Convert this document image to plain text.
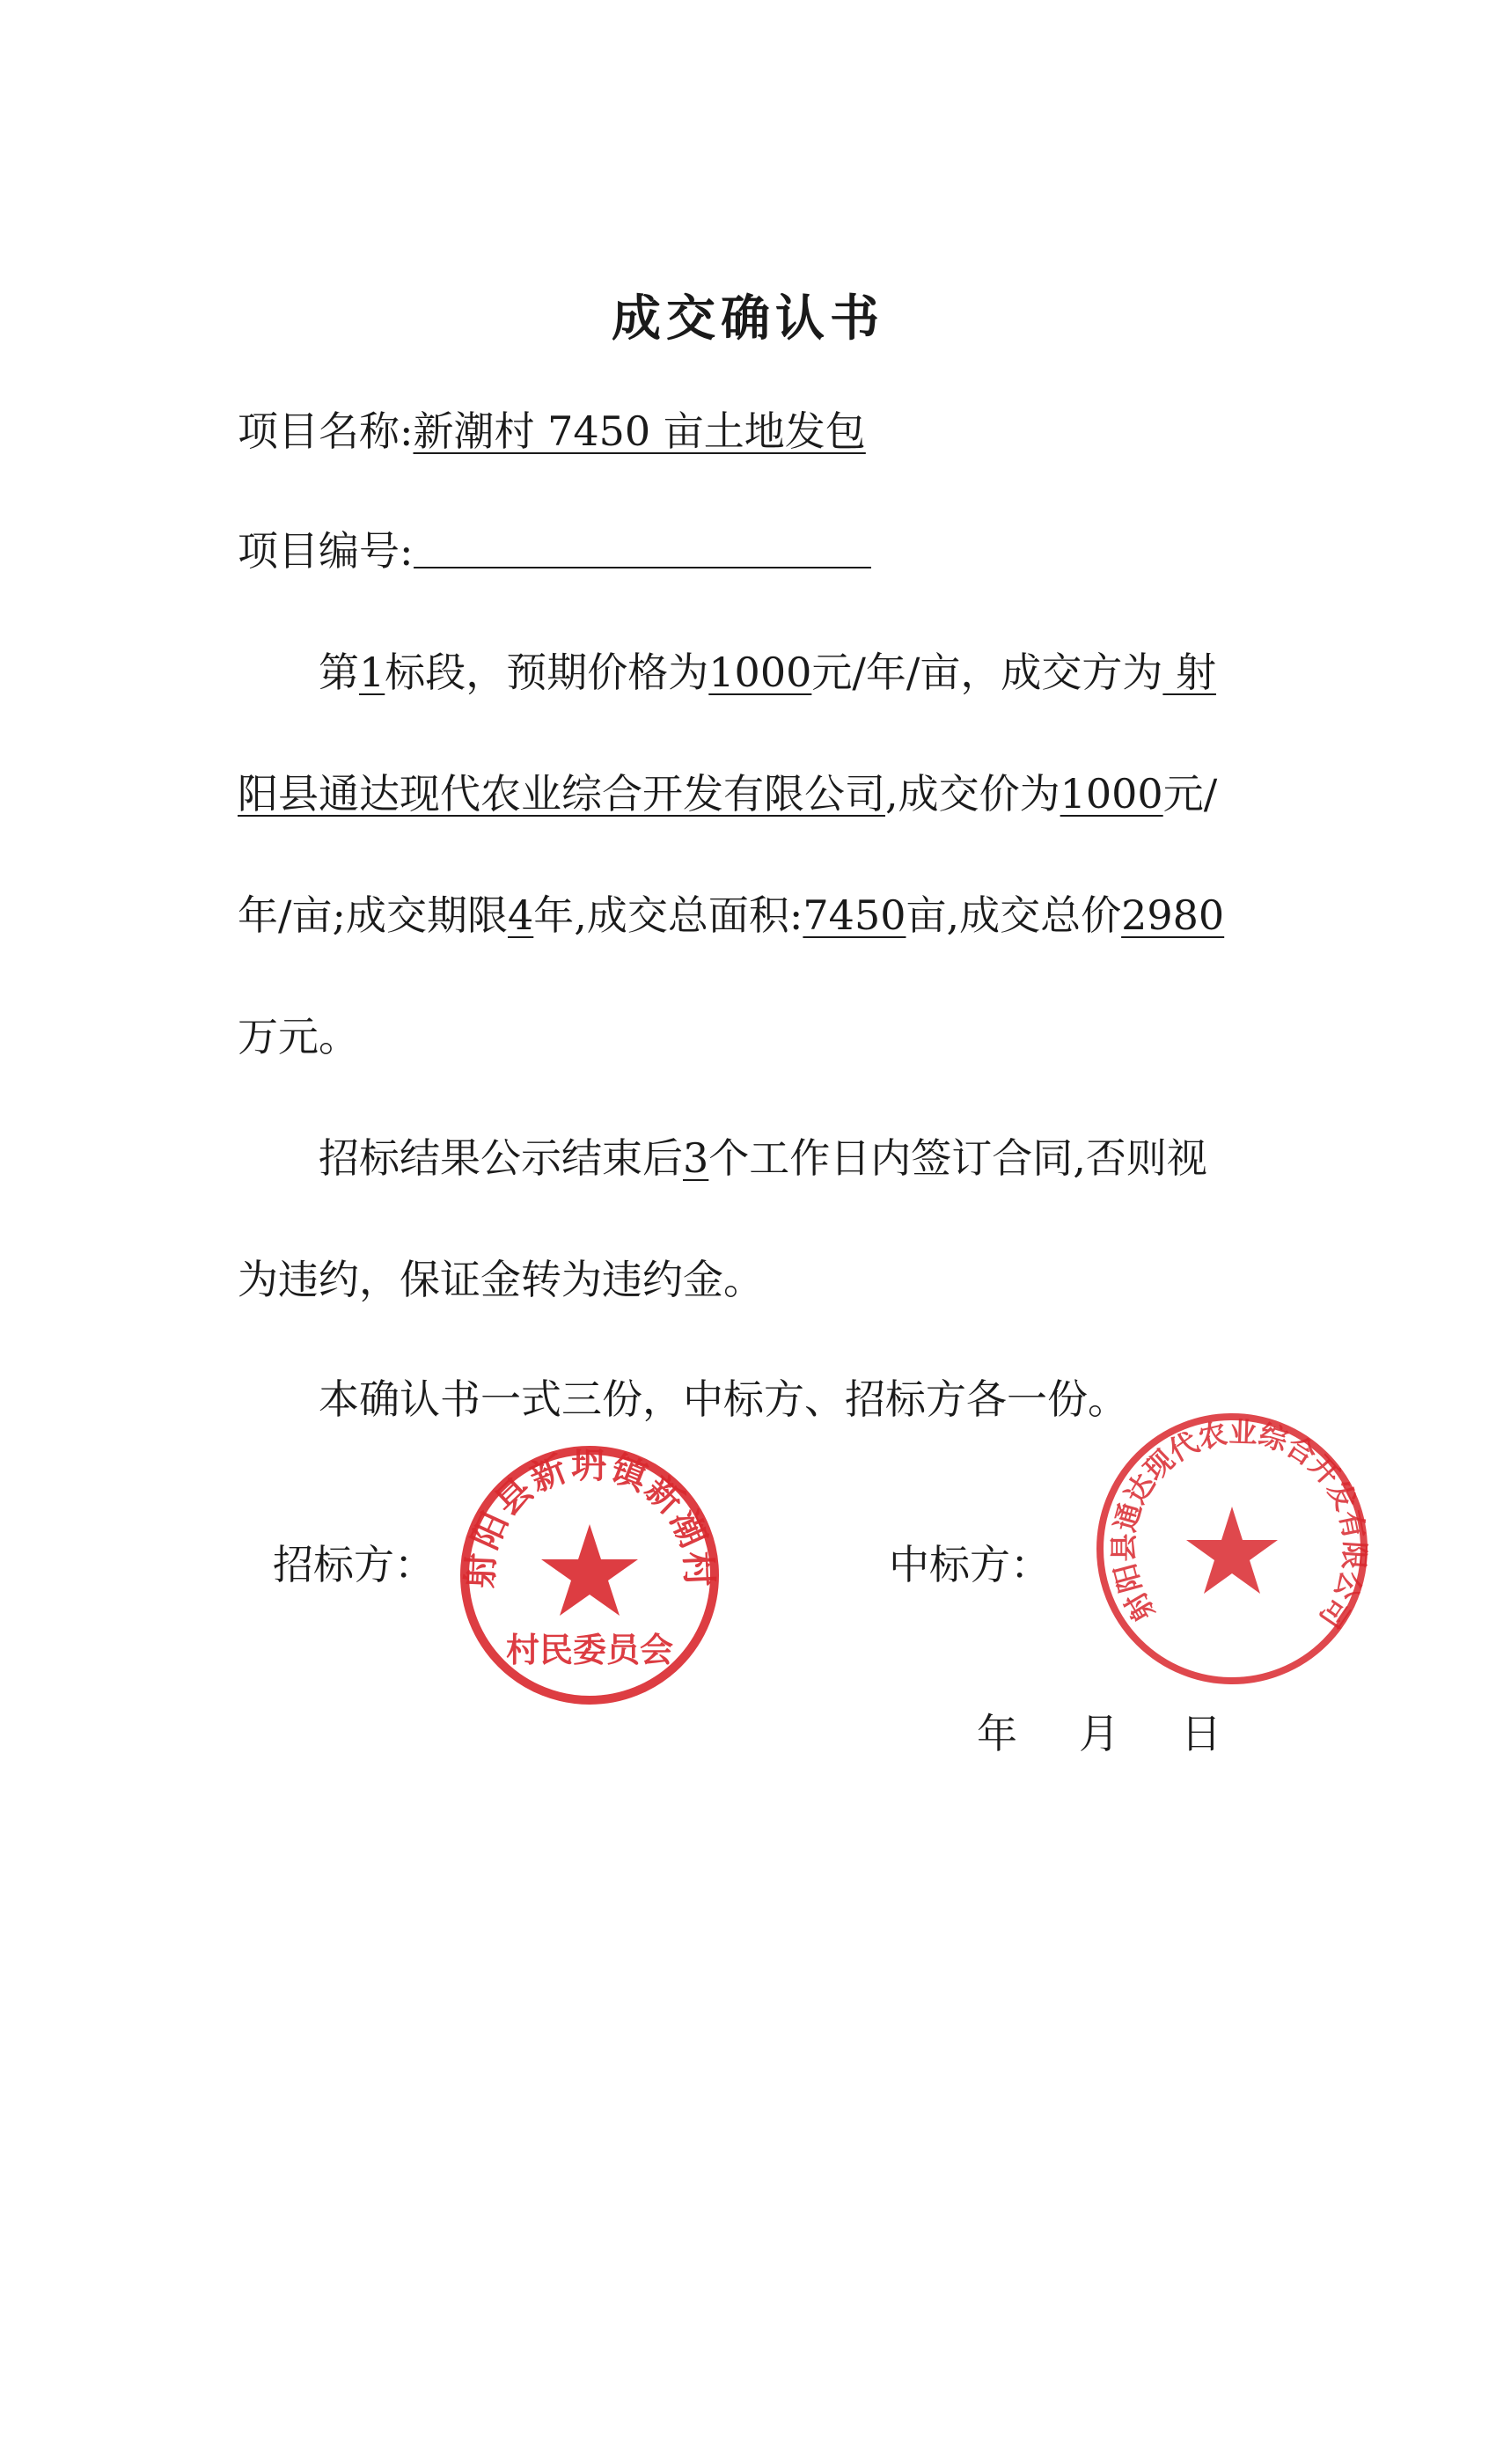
成交确认书
项目名称:新潮村 7450 亩土地发包
项目编号:
第1标段，预期价格为1000元/年/亩，成交方为 射
阳县通达现代农业综合开发有限公司,成交价为1000元/
年/亩;成交期限4年,成交总面积:7450亩,成交总价2980
万元。
招标结果公示结束后3个工作日内签订合同,否则视
为违约，保证金转为违约金。
本确认书一式三份，中标方、招标方各一份。
招标方：	中标方：
射阳县新坍镇新潮村
村民委员会
射阳县通达现代农业综合开发有限公司
年 月 日
